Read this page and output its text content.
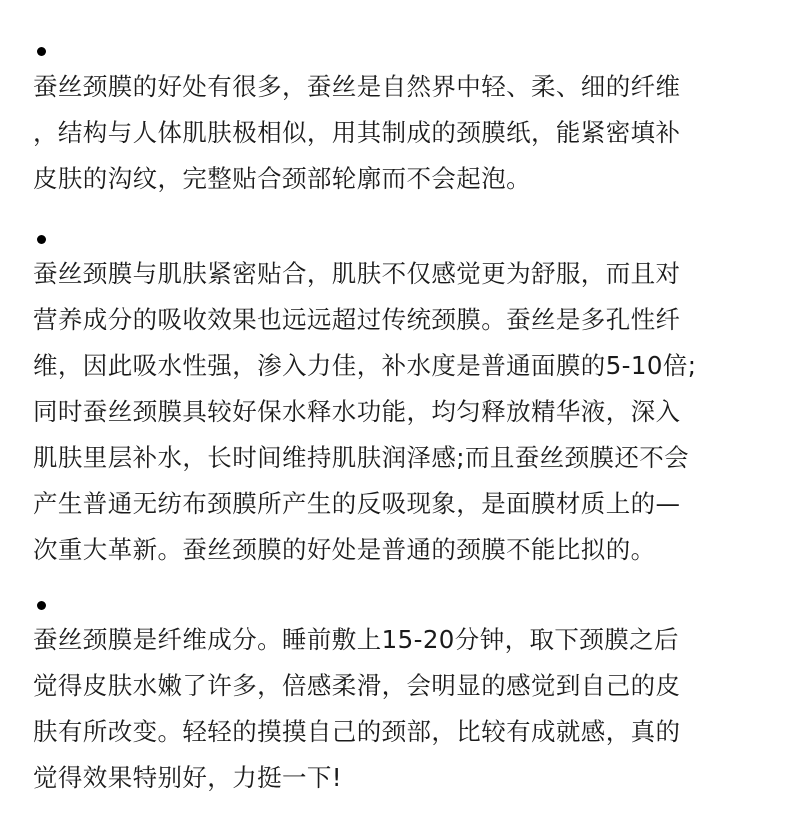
蚕丝颈膜的好处有很多，蚕丝是自然界中轻、柔、细的纤维
，结构与人体肌肤极相似，用其制成的颈膜纸，能紧密填补
皮肤的沟纹，完整贴合颈部轮廓而不会起泡。

蚕丝颈膜与肌肤紧密贴合，肌肤不仅感觉更为舒服，而且对
营养成分的吸收效果也远远超过传统颈膜。蚕丝是多孔性纤
维，因此吸水性强，渗入力佳，补水度是普通面膜的5-10倍;
同时蚕丝颈膜具较好保水释水功能，均匀释放精华液，深入
肌肤里层补水，长时间维持肌肤润泽感;而且蚕丝颈膜还不会
产生普通无纺布颈膜所产生的反吸现象，是面膜材质上的—
次重大革新。蚕丝颈膜的好处是普通的颈膜不能比拟的。

蚕丝颈膜是纤维成分。睡前敷上15-20分钟，取下颈膜之后
觉得皮肤水嫩了许多，倍感柔滑，会明显的感觉到自己的皮
肤有所改变。轻轻的摸摸自己的颈部，比较有成就感，真的
觉得效果特别好，力挺一下!
